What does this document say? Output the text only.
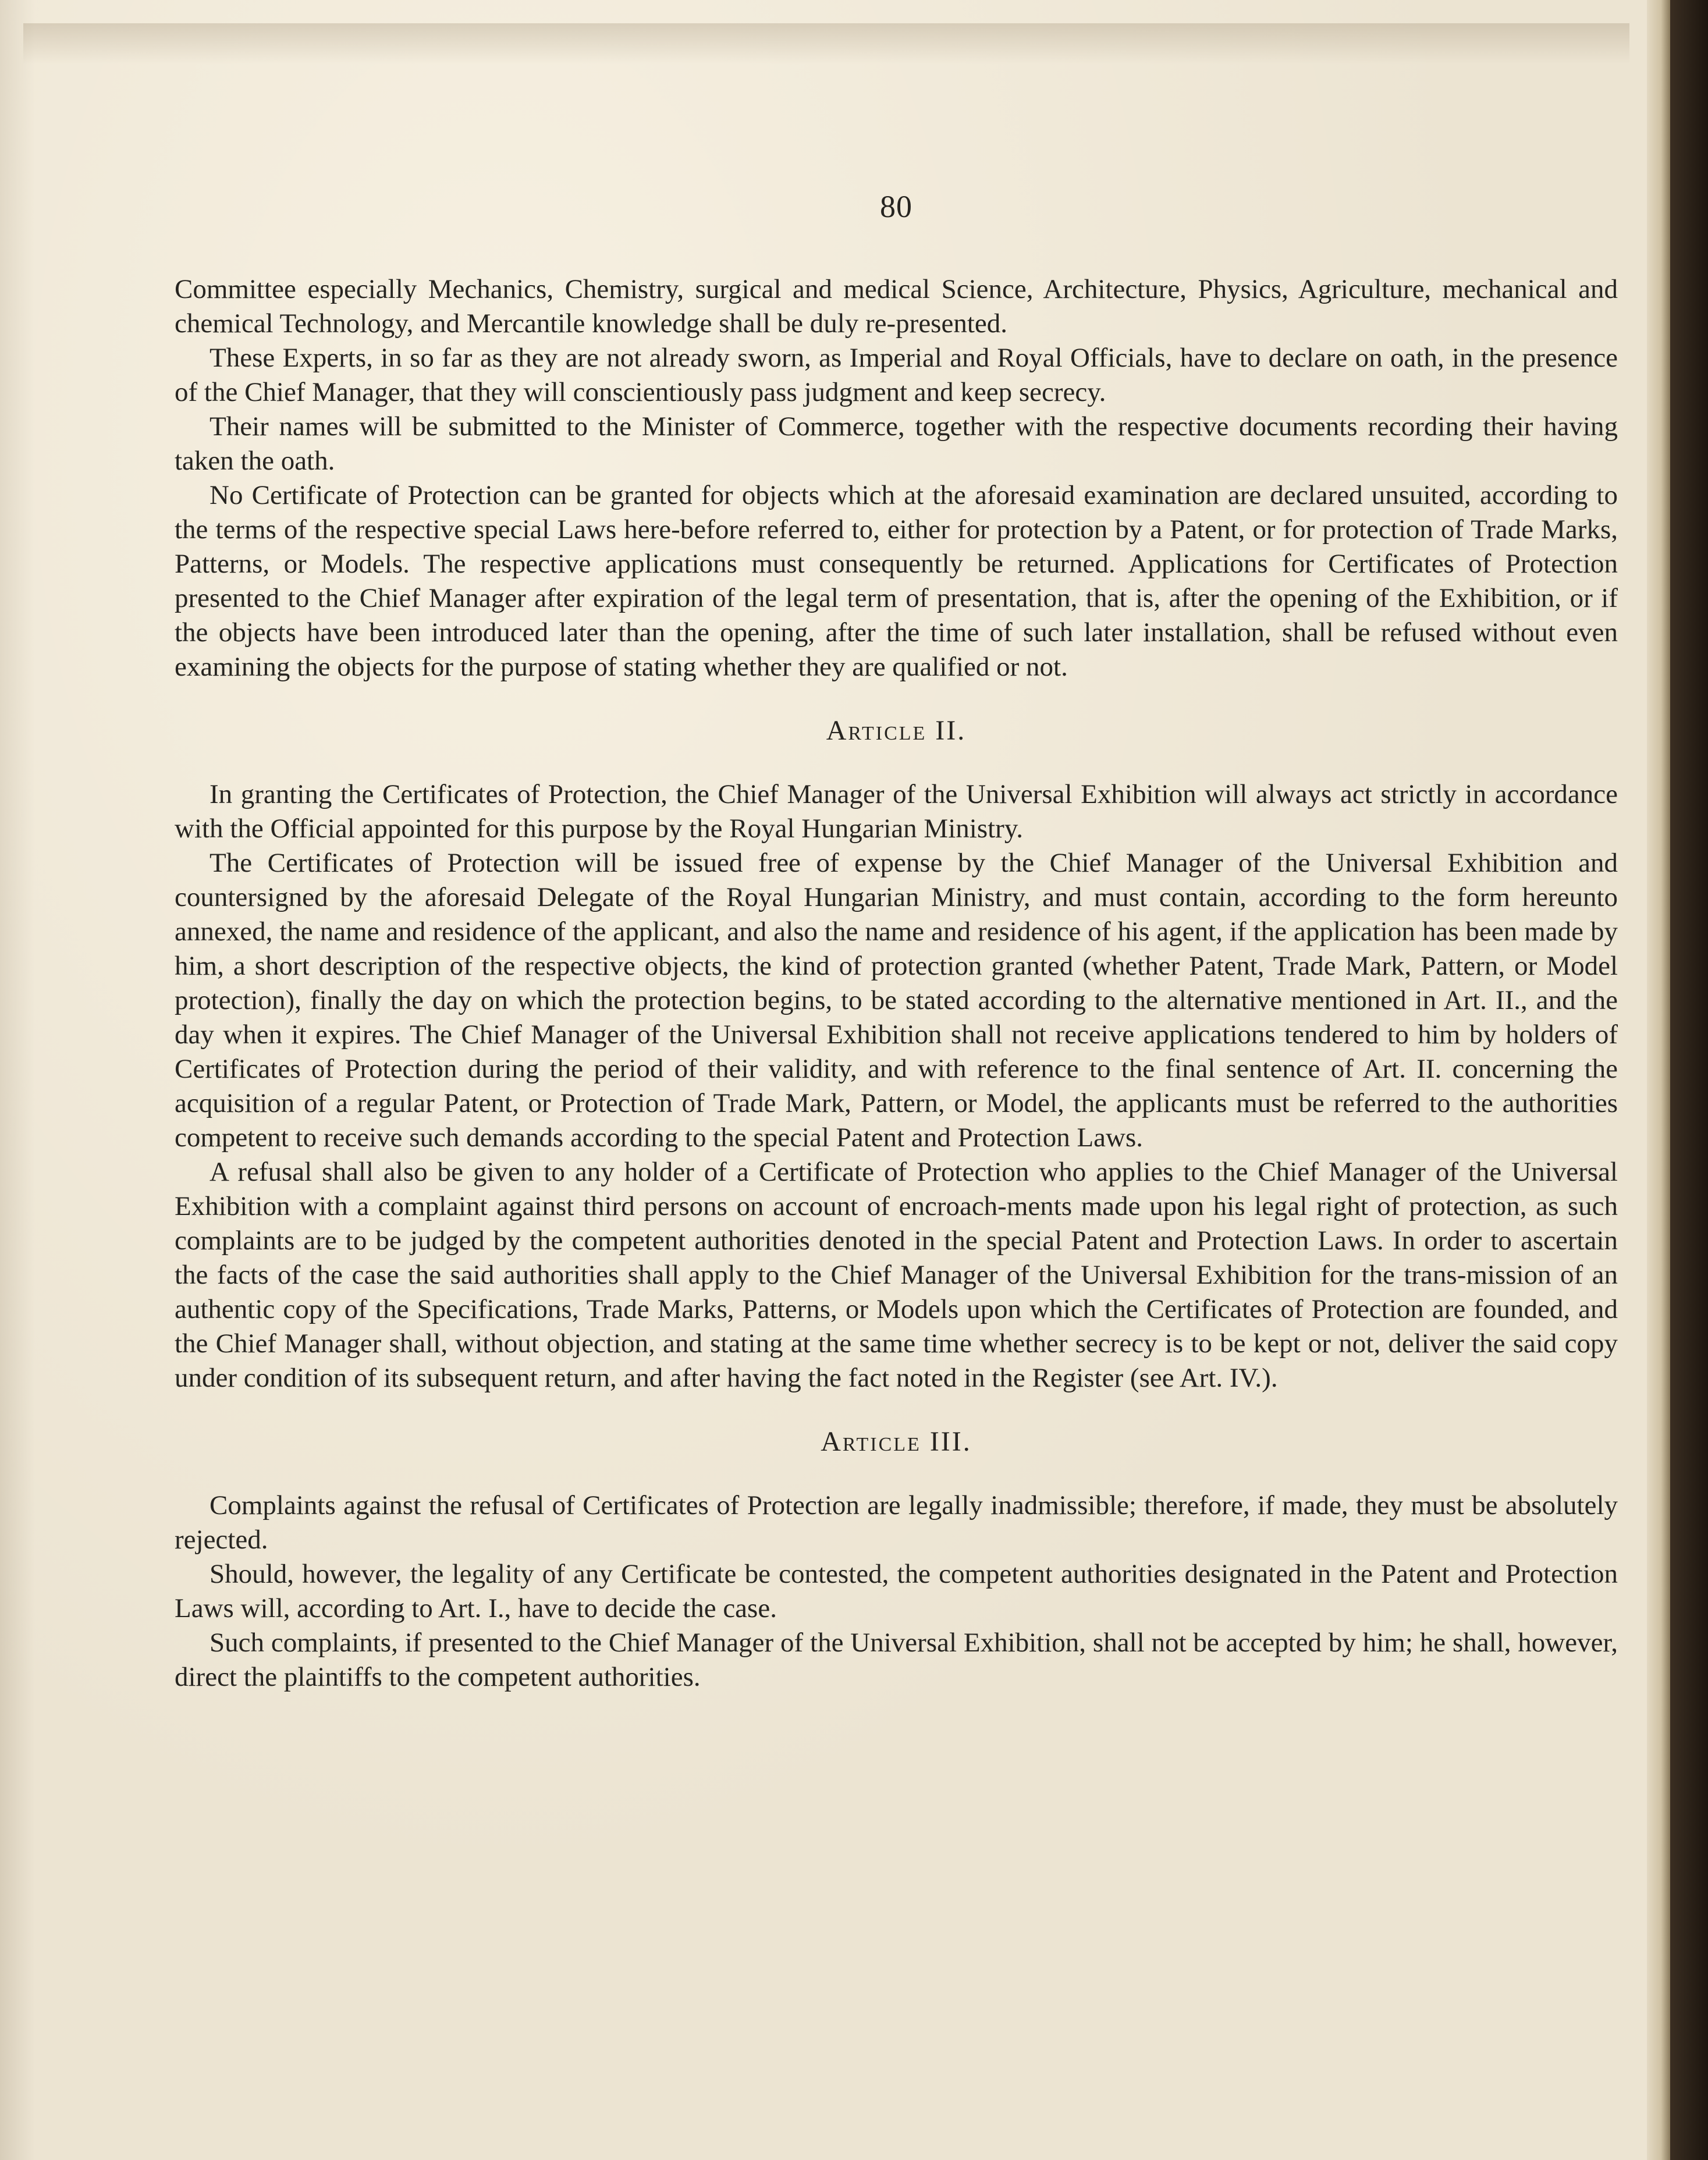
80

Committee especially Mechanics, Chemistry, surgical and medical Science, Architecture, Physics, Agriculture, mechanical and chemical Technology, and Mercantile knowledge shall be duly re-presented.

These Experts, in so far as they are not already sworn, as Imperial and Royal Officials, have to declare on oath, in the presence of the Chief Manager, that they will conscientiously pass judgment and keep secrecy.

Their names will be submitted to the Minister of Commerce, together with the respective documents recording their having taken the oath.

No Certificate of Protection can be granted for objects which at the aforesaid examination are declared unsuited, according to the terms of the respective special Laws here-before referred to, either for protection by a Patent, or for protection of Trade Marks, Patterns, or Models. The respective applications must consequently be returned. Applications for Certificates of Protection presented to the Chief Manager after expiration of the legal term of presentation, that is, after the opening of the Exhibition, or if the objects have been introduced later than the opening, after the time of such later installation, shall be refused without even examining the objects for the purpose of stating whether they are qualified or not.

Article II.

In granting the Certificates of Protection, the Chief Manager of the Universal Exhibition will always act strictly in accordance with the Official appointed for this purpose by the Royal Hungarian Ministry.

The Certificates of Protection will be issued free of expense by the Chief Manager of the Universal Exhibition and countersigned by the aforesaid Delegate of the Royal Hungarian Ministry, and must contain, according to the form hereunto annexed, the name and residence of the applicant, and also the name and residence of his agent, if the application has been made by him, a short description of the respective objects, the kind of protection granted (whether Patent, Trade Mark, Pattern, or Model protection), finally the day on which the protection begins, to be stated according to the alternative mentioned in Art. II., and the day when it expires. The Chief Manager of the Universal Exhibition shall not receive applications tendered to him by holders of Certificates of Protection during the period of their validity, and with reference to the final sentence of Art. II. concerning the acquisition of a regular Patent, or Protection of Trade Mark, Pattern, or Model, the applicants must be referred to the authorities competent to receive such demands according to the special Patent and Protection Laws.

A refusal shall also be given to any holder of a Certificate of Protection who applies to the Chief Manager of the Universal Exhibition with a complaint against third persons on account of encroach-ments made upon his legal right of protection, as such complaints are to be judged by the competent authorities denoted in the special Patent and Protection Laws. In order to ascertain the facts of the case the said authorities shall apply to the Chief Manager of the Universal Exhibition for the trans-mission of an authentic copy of the Specifications, Trade Marks, Patterns, or Models upon which the Certificates of Protection are founded, and the Chief Manager shall, without objection, and stating at the same time whether secrecy is to be kept or not, deliver the said copy under condition of its subsequent return, and after having the fact noted in the Register (see Art. IV.).

Article III.

Complaints against the refusal of Certificates of Protection are legally inadmissible; therefore, if made, they must be absolutely rejected.

Should, however, the legality of any Certificate be contested, the competent authorities designated in the Patent and Protection Laws will, according to Art. I., have to decide the case.

Such complaints, if presented to the Chief Manager of the Universal Exhibition, shall not be accepted by him; he shall, however, direct the plaintiffs to the competent authorities.
